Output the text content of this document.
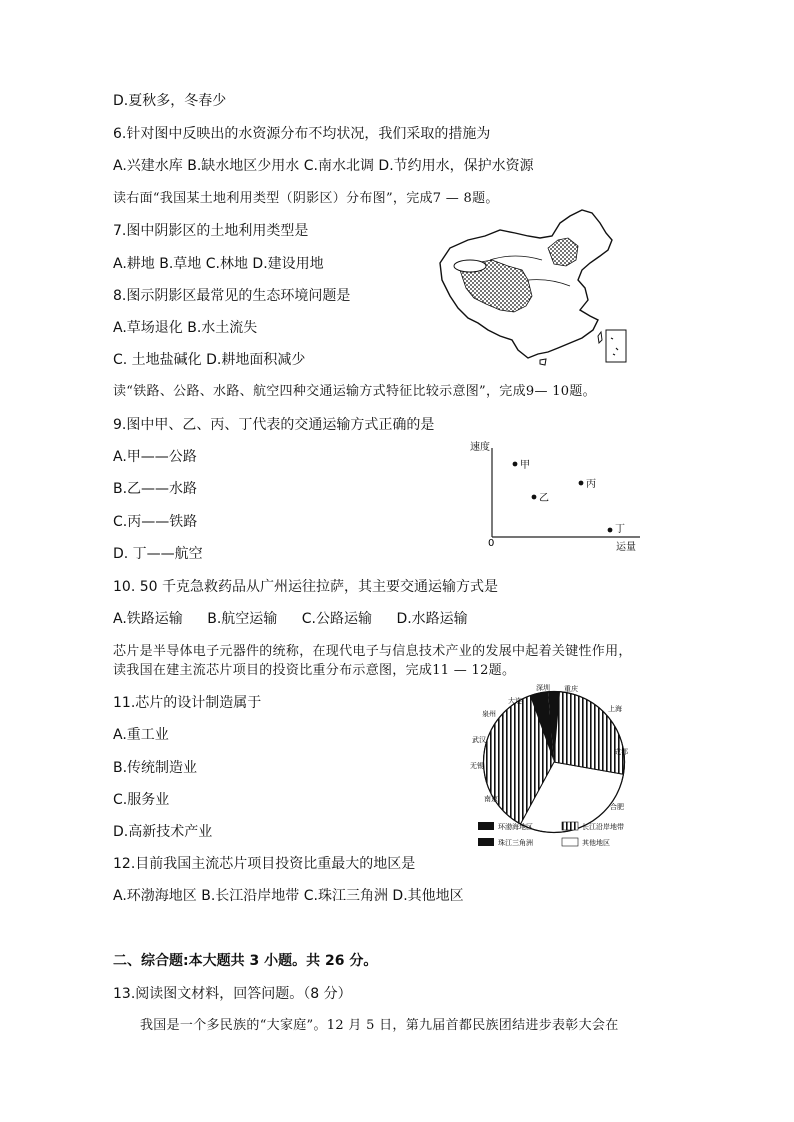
D.夏秋多，冬春少
6.针对图中反映出的水资源分布不均状况，我们采取的措施为
A.兴建水库 B.缺水地区少用水 C.南水北调 D.节约用水，保护水资源
读右面“我国某土地利用类型（阴影区）分布图”，完成7 — 8题。
7.图中阴影区的土地利用类型是
A.耕地 B.草地 C.林地 D.建设用地
8.图示阴影区最常见的生态环境问题是
A.草场退化 B.水土流失
C. 土地盐碱化 D.耕地面积减少
读“铁路、公路、水路、航空四种交通运输方式特征比较示意图”，完成9— 10题。
9.图中甲、乙、丙、丁代表的交通运输方式正确的是
A.甲——公路
B.乙——水路
C.丙——铁路
D. 丁——航空
10. 50 千克急救药品从广州运往拉萨，其主要交通运输方式是
A.铁路运输 B.航空运输 C.公路运输 D.水路运输
芯片是半导体电子元器件的统称，在现代电子与信息技术产业的发展中起着关键性作用，
读我国在建主流芯片项目的投资比重分布示意图，完成11 — 12题。
11.芯片的设计制造属于
A.重工业
B.传统制造业
C.服务业
D.高新技术产业
12.目前我国主流芯片项目投资比重最大的地区是
A.环渤海地区 B.长江沿岸地带 C.珠江三角洲 D.其他地区
二、综合题:本大题共 3 小题。共 26 分。
13.阅读图文材料，回答问题。（8 分）
我国是一个多民族的“大家庭”。12 月 5 日，第九届首都民族团结进步表彰大会在
速度
运量
0
甲
乙
丙
丁
深圳 重庆
大连
泉州
上海
武汉
成都
无锡
南京
合肥
环渤海地区	长江沿岸地带
珠江三角洲	其他地区
